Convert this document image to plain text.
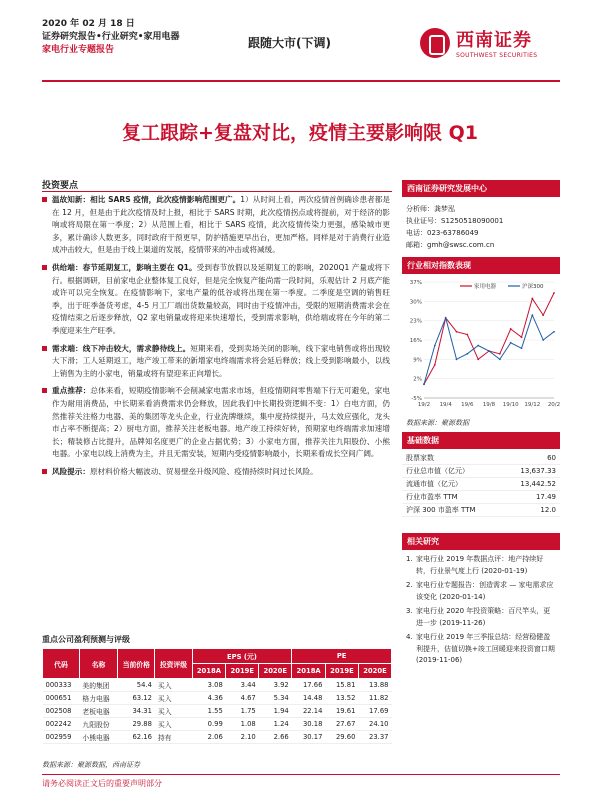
2020 年 02 月 18 日
证券研究报告•行业研究•家用电器
家电行业专题报告	跟随大市(下调)	西南证券
SOUTHWEST SECURITIES
复工跟踪+复盘对比，疫情主要影响限 Q1
投资要点
温故知新：相比 SARS 疫情，此次疫情影响范围更广。1）从时间上看，两次疫情首例确诊患者都是在 12 月，但是由于此次疫情及时上报，相比于 SARS 时期，此次疫情拐点或将提前，对于经济的影响或将局限在第一季度；2）从范围上看，相比于 SARS 疫情，此次疫情传染力更强，感染城市更多，累计确诊人数更多，同时政府干预更早，防护措施更早出台，更加严格。同样是对于消费行业造成冲击较大，但是由于线上渠道的发展，疫情带来的冲击或将减缓。
供给端：春节延期复工，影响主要在 Q1。受到春节放假以及延期复工的影响，2020Q1 产量或将下行。根据调研，目前家电企业整体复工良好，但是完全恢复产能尚需一段时间，乐观估计 2 月底产能或许可以完全恢复。在疫情影响下，家电产量的低谷或将出现在第一季度。二季度是空调的销售旺季，出于旺季备货考虑，4-5 月工厂端出货数量较高，同时由于疫情冲击，受限的短期消费需求会在疫情结束之后逐步释放，Q2 家电销量或将迎来快速增长，受到需求影响，供给端或将在今年的第二季度迎来生产旺季。
需求端：线下冲击较大，需求静待线上。短期来看，受到卖场关闭的影响，线下家电销售或将出现较大下滑；工人延期返工，地产竣工带来的新增家电终端需求将会延后释放；线上受到影响最小，以线上销售为主的小家电，销量或将有望迎来正向增长。
重点推荐：总体来看，短期疫情影响不会削减家电需求市场，但疫情期间零售端下行无可避免，家电作为耐用消费品，中长期来看消费需求仍会释放，因此我们中长期投资逻辑不变：1）白电方面，仍然推荐关注格力电器、美的集团等龙头企业，行业洗牌继续，集中度持续提升，马太效应强化，龙头市占率不断提高；2）厨电方面，推荐关注老板电器。地产竣工持续好转，预期家电终端需求加速增长；精装修占比提升，品牌知名度更广的企业占据优势；3）小家电方面，推荐关注九阳股份、小熊电器。小家电以线上消费为主，并且无需安装，短期内受疫情影响最小，长期来看成长空间广阔。
风险提示：原材料价格大幅波动、贸易壁垒升级风险、疫情持续时间过长风险。
重点公司盈利预测与评级
代码	名称	当前价格	投资评级	EPS (元)			PE		
				2018A	2019E	2020E	2018A	2019E	2020E
000333	美的集团	54.4	买入	3.08	3.44	3.92	17.66	15.81	13.88
000651	格力电器	63.12	买入	4.36	4.67	5.34	14.48	13.52	11.82
002508	老板电器	34.31	买入	1.55	1.75	1.94	22.14	19.61	17.69
002242	九阳股份	29.88	买入	0.99	1.08	1.24	30.18	27.67	24.10
002959	小熊电器	62.16	持有	2.06	2.10	2.66	30.17	29.60	23.37
数据来源：聚源数据，西南证券
西南证券研究发展中心
分析师：龚梦泓
执业证号：S1250518090001
电话：023-63786049
邮箱：gmh@swsc.com.cn
行业相对指数表现
-5%
2%
9%
16%
23%
30%
37%
19/2 19/4 19/6 19/8 19/10 19/12 20/2
家用电器	沪深300
数据来源：聚源数据
基础数据
股票家数	60
行业总市值（亿元）	13,637.33
流通市值（亿元）	13,442.52
行业市盈率 TTM	17.49
沪深 300 市盈率 TTM	12.0
相关研究
1. 家电行业 2019 年数据点评：地产持续好转，行业景气度上行 (2020-01-19)
2. 家电行业专题报告：创造需求 — 家电需求应该变化 (2020-01-14)
3. 家电行业 2020 年投资策略：百尺竿头，更进一步 (2019-11-26)
4. 家电行业 2019 年三季报总结：经营稳健盈利提升，估值切换+竣工回暖迎来投资窗口期 (2019-11-06)
请务必阅读正文后的重要声明部分
